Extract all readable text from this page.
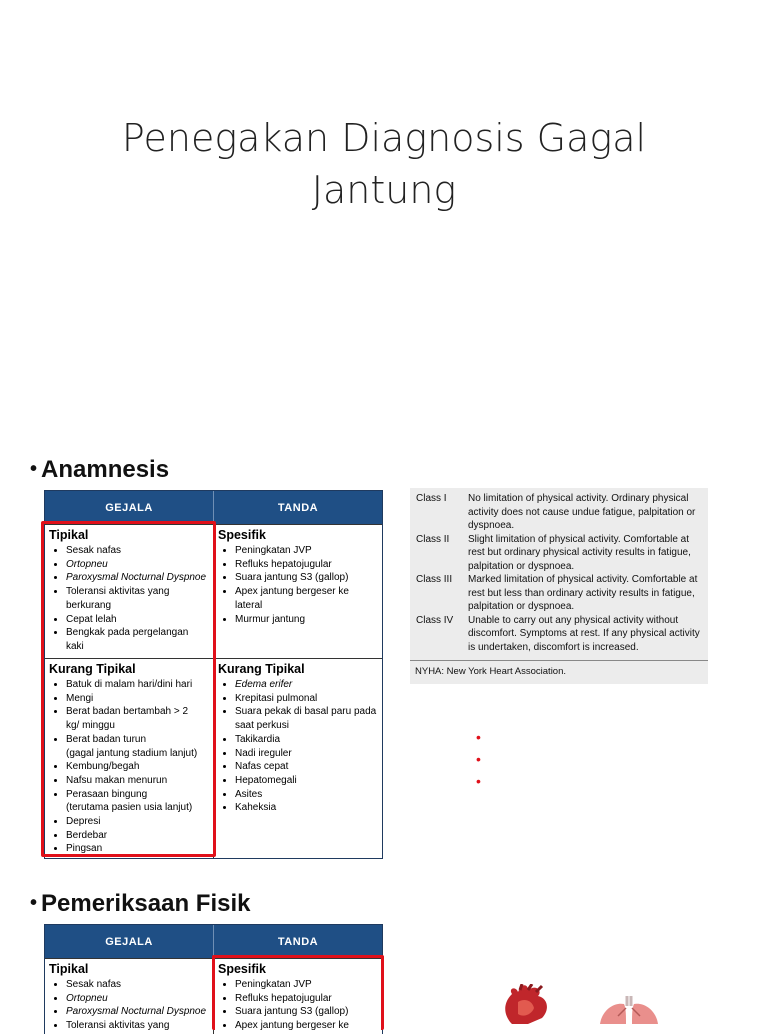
Penegakan Diagnosis Gagal
Jantung
• Anamnesis
GEJALA	TANDA
Tipikal
• Sesak nafas
• Ortopneu
• Paroxysmal Nocturnal Dyspnoe
• Toleransi aktivitas yang
berkurang
• Cepat lelah
• Bengkak pada pergelangan
kaki
Spesifik
• Peningkatan JVP
• Refluks hepatojugular
• Suara jantung S3 (gallop)
• Apex jantung bergeser ke
lateral
• Murmur jantung
Kurang Tipikal
• Batuk di malam hari/dini hari
• Mengi
• Berat badan bertambah > 2
kg/ minggu
• Berat badan turun
(gagal jantung stadium lanjut)
• Kembung/begah
• Nafsu makan menurun
• Perasaan bingung
(terutama pasien usia lanjut)
• Depresi
• Berdebar
• Pingsan
Kurang Tipikal
• Edema erifer
• Krepitasi pulmonal
• Suara pekak di basal paru pada
saat perkusi
• Takikardia
• Nadi ireguler
• Nafas cepat
• Hepatomegali
• Asites
• Kaheksia
Class I	No limitation of physical activity. Ordinary physical activity does not cause undue fatigue, palpitation or dyspnoea.
Class II	Slight limitation of physical activity. Comfortable at rest but ordinary physical activity results in fatigue, palpitation or dyspnoea.
Class III	Marked limitation of physical activity. Comfortable at rest but less than ordinary activity results in fatigue, palpitation or dyspnoea.
Class IV	Unable to carry out any physical activity without discomfort. Symptoms at rest. If any physical activity is undertaken, discomfort is increased.
NYHA: New York Heart Association.
•
•
•
• Pemeriksaan Fisik
GEJALA	TANDA
Tipikal
• Sesak nafas
• Ortopneu
• Paroxysmal Nocturnal Dyspnoe
• Toleransi aktivitas yang
Spesifik
• Peningkatan JVP
• Refluks hepatojugular
• Suara jantung S3 (gallop)
• Apex jantung bergeser ke
